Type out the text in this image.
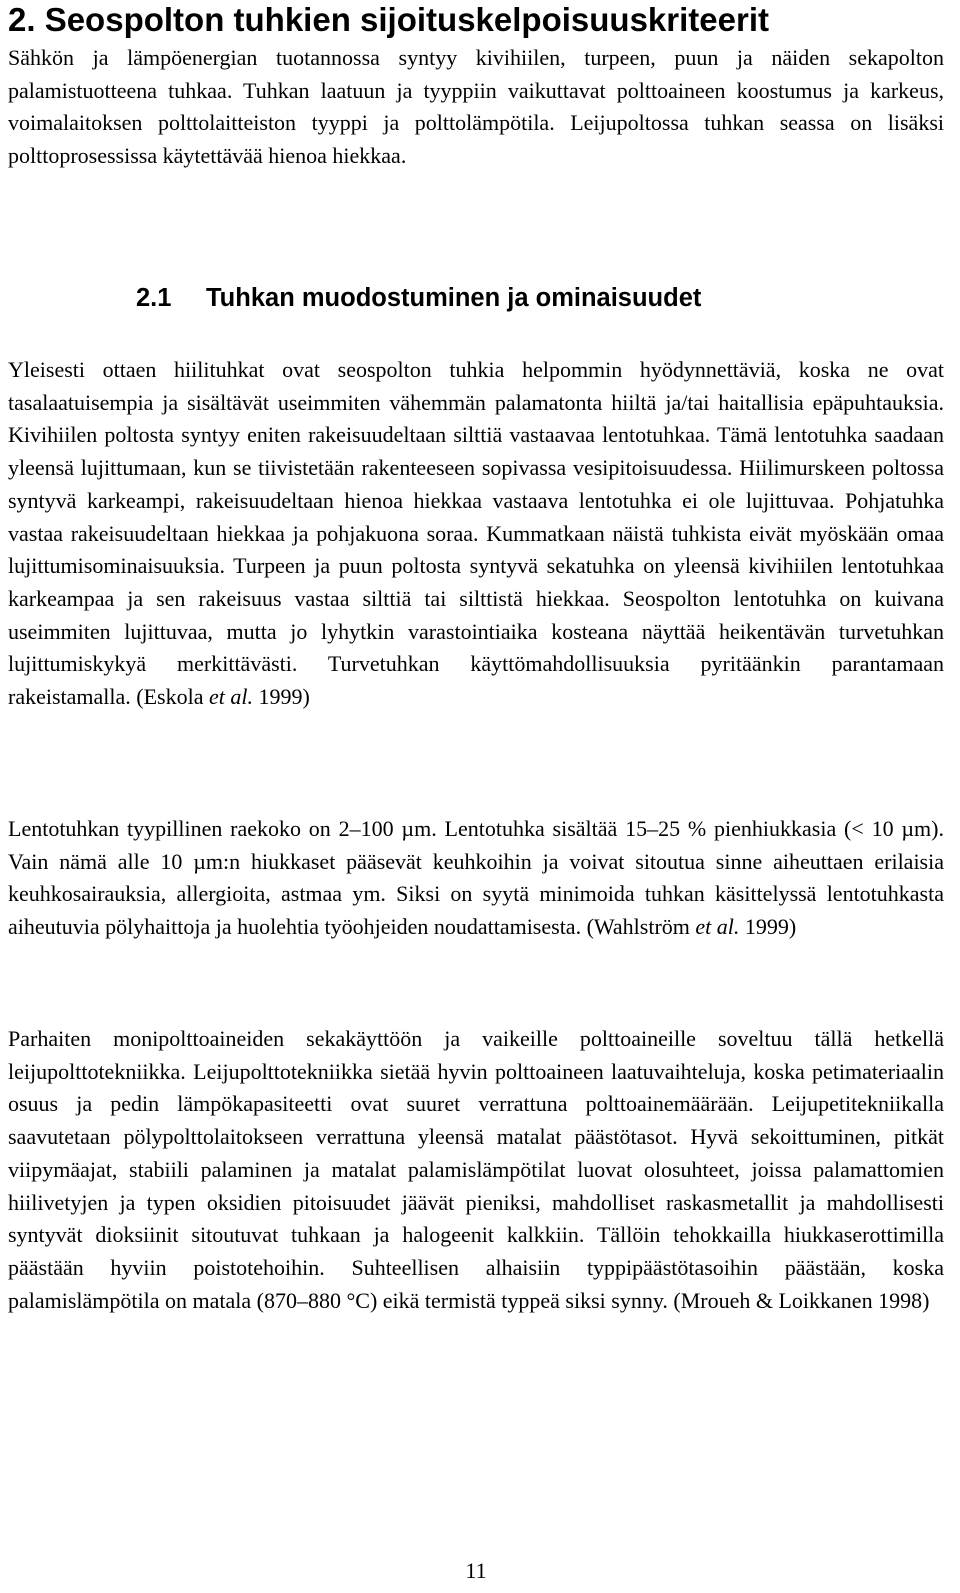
2. Seospolton tuhkien sijoituskelpoisuuskriteerit

Sähkön ja lämpöenergian tuotannossa syntyy kivihiilen, turpeen, puun ja näiden sekapolton palamistuotteena tuhkaa. Tuhkan laatuun ja tyyppiin vaikuttavat polttoaineen koostumus ja karkeus, voimalaitoksen polttolaitteiston tyyppi ja polttolämpötila. Leijupoltossa tuhkan seassa on lisäksi polttoprosessissa käytettävää hienoa hiekkaa.

2.1 Tuhkan muodostuminen ja ominaisuudet

Yleisesti ottaen hiilituhkat ovat seospolton tuhkia helpommin hyödynnettäviä, koska ne ovat tasalaatuisempia ja sisältävät useimmiten vähemmän palamatonta hiiltä ja/tai haitallisia epäpuhtauksia. Kivihiilen poltosta syntyy eniten rakeisuudeltaan silttiä vastaavaa lentotuhkaa. Tämä lentotuhka saadaan yleensä lujittumaan, kun se tiivistetään rakenteeseen sopivassa vesipitoisuudessa. Hiilimurskeen poltossa syntyvä karkeampi, rakeisuudeltaan hienoa hiekkaa vastaava lentotuhka ei ole lujittuvaa. Pohjatuhka vastaa rakeisuudeltaan hiekkaa ja pohjakuona soraa. Kummatkaan näistä tuhkista eivät myöskään omaa lujittumisominaisuuksia. Turpeen ja puun poltosta syntyvä sekatuhka on yleensä kivihiilen lentotuhkaa karkeampaa ja sen rakeisuus vastaa silttiä tai silttistä hiekkaa. Seospolton lentotuhka on kuivana useimmiten lujittuvaa, mutta jo lyhytkin varastointiaika kosteana näyttää heikentävän turvetuhkan lujittumiskykyä merkittävästi. Turvetuhkan käyttömahdollisuuksia pyritäänkin parantamaan rakeistamalla. (Eskola et al. 1999)

Lentotuhkan tyypillinen raekoko on 2–100 µm. Lentotuhka sisältää 15–25 % pienhiukkasia (< 10 µm). Vain nämä alle 10 µm:n hiukkaset pääsevät keuhkoihin ja voivat sitoutua sinne aiheuttaen erilaisia keuhkosairauksia, allergioita, astmaa ym. Siksi on syytä minimoida tuhkan käsittelyssä lentotuhkasta aiheutuvia pölyhaittoja ja huolehtia työohjeiden noudattamisesta. (Wahlström et al. 1999)

Parhaiten monipolttoaineiden sekakäyttöön ja vaikeille polttoaineille soveltuu tällä hetkellä leijupolttotekniikka. Leijupolttotekniikka sietää hyvin polttoaineen laatuvaihteluja, koska petimateriaalin osuus ja pedin lämpökapasiteetti ovat suuret verrattuna polttoainemäärään. Leijupetitekniikalla saavutetaan pölypolttolaitokseen verrattuna yleensä matalat päästötasot. Hyvä sekoittuminen, pitkät viipymäajat, stabiili palaminen ja matalat palamislämpötilat luovat olosuhteet, joissa palamattomien hiilivetyjen ja typen oksidien pitoisuudet jäävät pieniksi, mahdolliset raskasmetallit ja mahdollisesti syntyvät dioksiinit sitoutuvat tuhkaan ja halogeenit kalkkiin. Tällöin tehokkailla hiukkaserottimilla päästään hyviin poistotehoihin. Suhteellisen alhaisiin typpipäästötasoihin päästään, koska palamislämpötila on matala (870–880 °C) eikä termistä typpeä siksi synny. (Mroueh & Loikkanen 1998)

11
